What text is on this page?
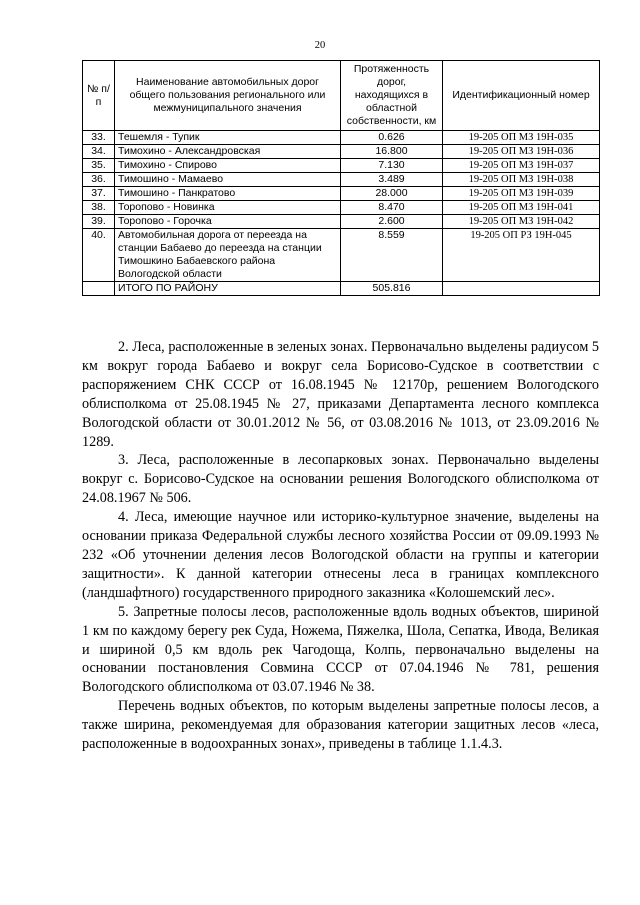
20
№ п/п	Наименование автомобильных дорог общего пользования регионального или межмуниципального значения	Протяженность дорог, находящихся в областной собственности, км	Идентификационный номер
33.	Тешемля - Тупик	0.626	19-205 ОП МЗ 19Н-035
34.	Тимохино - Александровская	16.800	19-205 ОП МЗ 19Н-036
35.	Тимохино - Спирово	7.130	19-205 ОП МЗ 19Н-037
36.	Тимошино - Мамаево	3.489	19-205 ОП МЗ 19Н-038
37.	Тимошино - Панкратово	28.000	19-205 ОП МЗ 19Н-039
38.	Торопово - Новинка	8.470	19-205 ОП МЗ 19Н-041
39.	Торопово - Горочка	2.600	19-205 ОП МЗ 19Н-042
40.	Автомобильная дорога от переезда на станции Бабаево до переезда на станции Тимошкино Бабаевского района Вологодской области	8.559	19-205 ОП РЗ 19Н-045
	ИТОГО ПО РАЙОНУ	505.816	

2. Леса, расположенные в зеленых зонах. Первоначально выделены радиусом 5 км вокруг города Бабаево и вокруг села Борисово-Судское в соответствии с распоряжением СНК СССР от 16.08.1945 № 12170р, решением Вологодского облисполкома от 25.08.1945 № 27, приказами Департамента лесного комплекса Вологодской области от 30.01.2012 № 56, от 03.08.2016 № 1013, от 23.09.2016 № 1289.

3. Леса, расположенные в лесопарковых зонах. Первоначально выделены вокруг с. Борисово-Судское на основании решения Вологодского облисполкома от 24.08.1967 № 506.

4. Леса, имеющие научное или историко-культурное значение, выделены на основании приказа Федеральной службы лесного хозяйства России от 09.09.1993 № 232 «Об уточнении деления лесов Вологодской области на группы и категории защитности». К данной категории отнесены леса в границах комплексного (ландшафтного) государственного природного заказника «Колошемский лес».

5. Запретные полосы лесов, расположенные вдоль водных объектов, шириной 1 км по каждому берегу рек Суда, Ножема, Пяжелка, Шола, Сепатка, Ивода, Великая и шириной 0,5 км вдоль рек Чагодоща, Колпь, первоначально выделены на основании постановления Совмина СССР от 07.04.1946 № 781, решения Вологодского облисполкома от 03.07.1946 № 38.

Перечень водных объектов, по которым выделены запретные полосы лесов, а также ширина, рекомендуемая для образования категории защитных лесов «леса, расположенные в водоохранных зонах», приведены в таблице 1.1.4.3.
